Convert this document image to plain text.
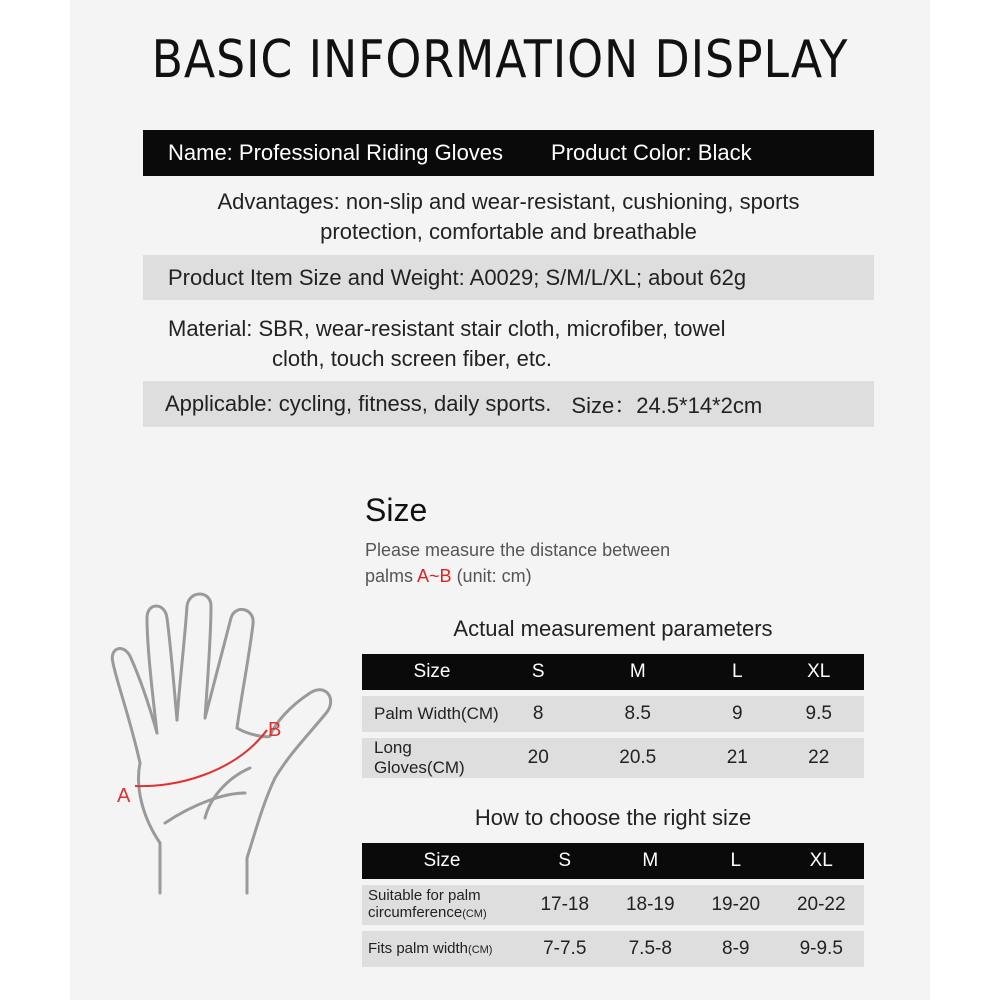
BASIC INFORMATION DISPLAY
Name: Professional Riding Gloves Product Color: Black
Advantages: non-slip and wear-resistant, cushioning, sports
protection, comfortable and breathable
Product Item Size and Weight: A0029; S/M/L/XL; about 62g
Material: SBR, wear-resistant stair cloth, microfiber, towel
cloth, touch screen fiber, etc.
Applicable: cycling, fitness, daily sports. Size：24.5*14*2cm
A
B
Size
Please measure the distance between
palms A~B (unit: cm)
Actual measurement parameters
Size	S	M	L	XL
Palm Width(CM)	8	8.5	9	9.5
Long Gloves(CM)	20	20.5	21	22
How to choose the right size
Size	S	M	L	XL
Suitable for palm
circumference(CM)	17-18	18-19	19-20	20-22
Fits palm width(CM)	7-7.5	7.5-8	8-9	9-9.5
